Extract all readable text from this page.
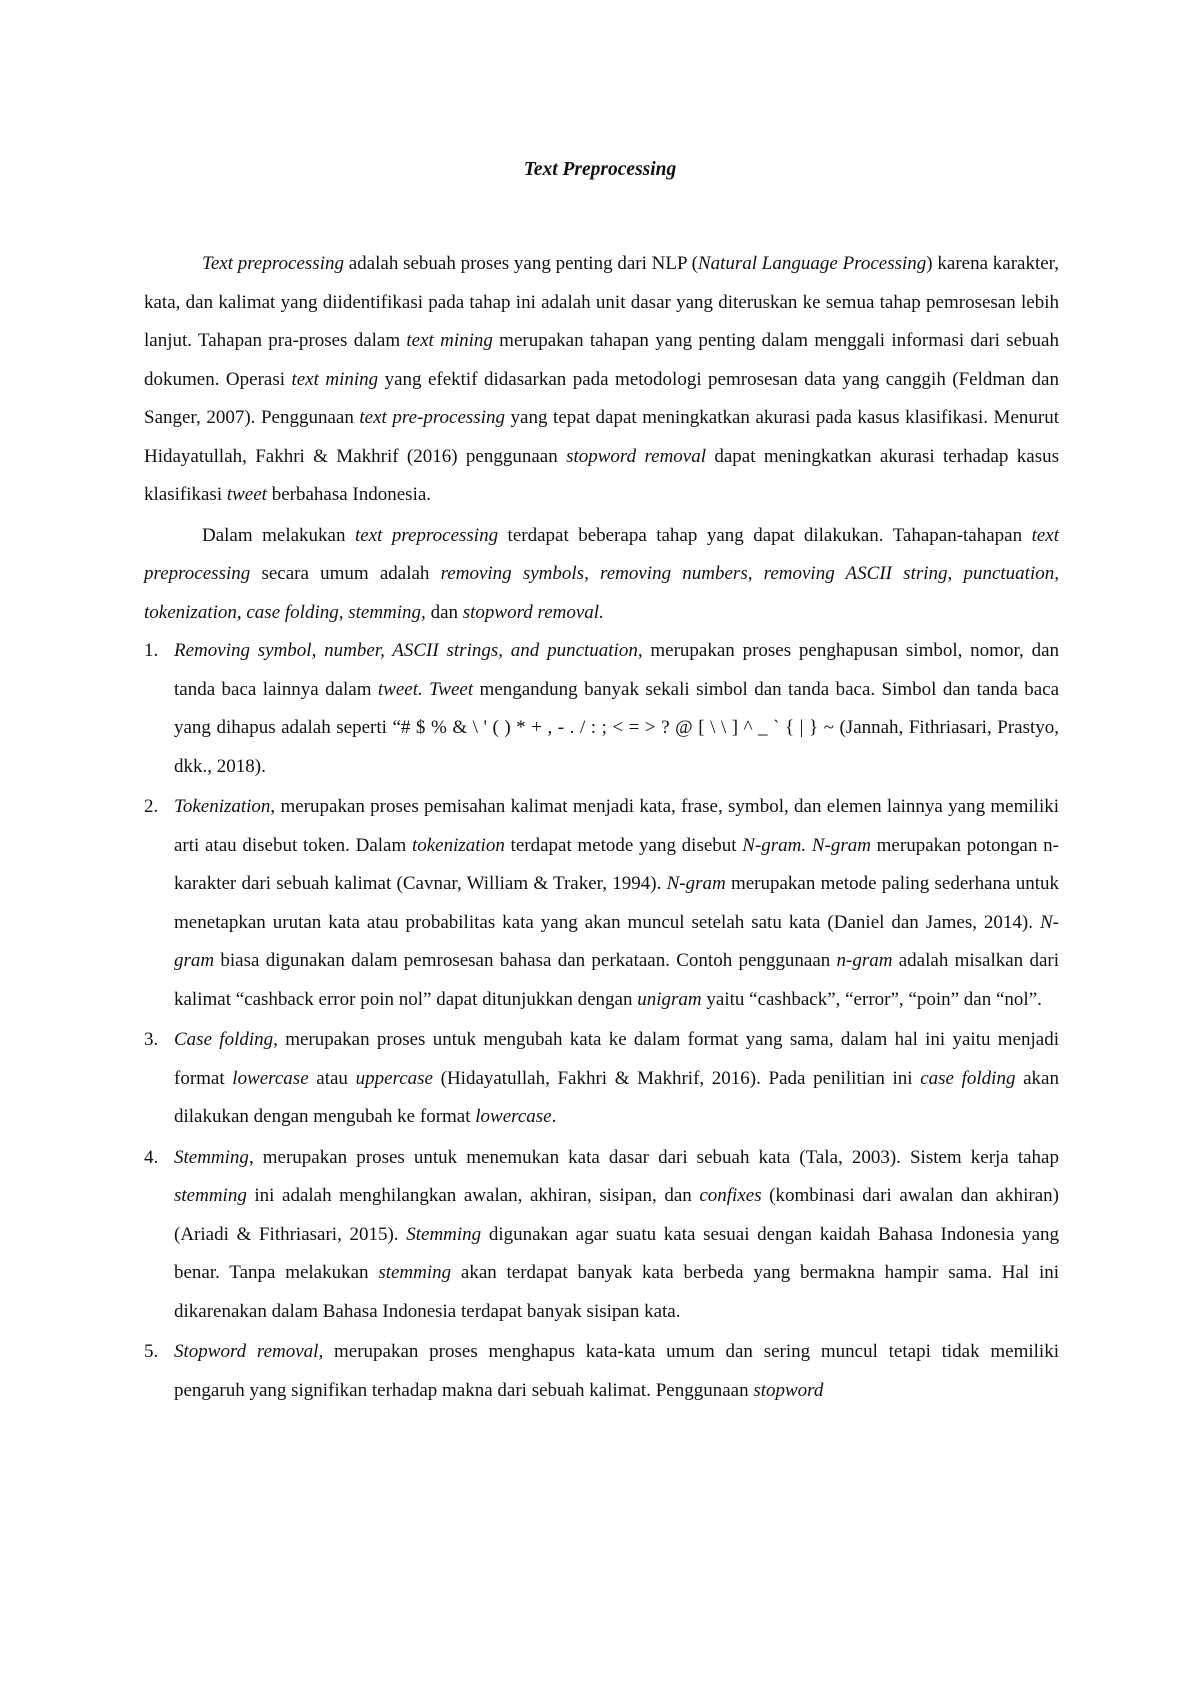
Text Preprocessing

Text preprocessing adalah sebuah proses yang penting dari NLP (Natural Language Processing) karena karakter, kata, dan kalimat yang diidentifikasi pada tahap ini adalah unit dasar yang diteruskan ke semua tahap pemrosesan lebih lanjut. Tahapan pra-proses dalam text mining merupakan tahapan yang penting dalam menggali informasi dari sebuah dokumen. Operasi text mining yang efektif didasarkan pada metodologi pemrosesan data yang canggih (Feldman dan Sanger, 2007). Penggunaan text pre-processing yang tepat dapat meningkatkan akurasi pada kasus klasifikasi. Menurut Hidayatullah, Fakhri & Makhrif (2016) penggunaan stopword removal dapat meningkatkan akurasi terhadap kasus klasifikasi tweet berbahasa Indonesia.

Dalam melakukan text preprocessing terdapat beberapa tahap yang dapat dilakukan. Tahapan-tahapan text preprocessing secara umum adalah removing symbols, removing numbers, removing ASCII string, punctuation, tokenization, case folding, stemming, dan stopword removal.

1. Removing symbol, number, ASCII strings, and punctuation, merupakan proses penghapusan simbol, nomor, dan tanda baca lainnya dalam tweet. Tweet mengandung banyak sekali simbol dan tanda baca. Simbol dan tanda baca yang dihapus adalah seperti “# $ % & \ ' ( ) * + , - . / : ; < = > ? @ [ \ \ ] ^ _ ` { | } ~ (Jannah, Fithriasari, Prastyo, dkk., 2018).
2. Tokenization, merupakan proses pemisahan kalimat menjadi kata, frase, symbol, dan elemen lainnya yang memiliki arti atau disebut token. Dalam tokenization terdapat metode yang disebut N-gram. N-gram merupakan potongan n-karakter dari sebuah kalimat (Cavnar, William & Traker, 1994). N-gram merupakan metode paling sederhana untuk menetapkan urutan kata atau probabilitas kata yang akan muncul setelah satu kata (Daniel dan James, 2014). N-gram biasa digunakan dalam pemrosesan bahasa dan perkataan. Contoh penggunaan n-gram adalah misalkan dari kalimat “cashback error poin nol” dapat ditunjukkan dengan unigram yaitu “cashback”, “error”, “poin” dan “nol”.
3. Case folding, merupakan proses untuk mengubah kata ke dalam format yang sama, dalam hal ini yaitu menjadi format lowercase atau uppercase (Hidayatullah, Fakhri & Makhrif, 2016). Pada penilitian ini case folding akan dilakukan dengan mengubah ke format lowercase.
4. Stemming, merupakan proses untuk menemukan kata dasar dari sebuah kata (Tala, 2003). Sistem kerja tahap stemming ini adalah menghilangkan awalan, akhiran, sisipan, dan confixes (kombinasi dari awalan dan akhiran) (Ariadi & Fithriasari, 2015). Stemming digunakan agar suatu kata sesuai dengan kaidah Bahasa Indonesia yang benar. Tanpa melakukan stemming akan terdapat banyak kata berbeda yang bermakna hampir sama. Hal ini dikarenakan dalam Bahasa Indonesia terdapat banyak sisipan kata.
5. Stopword removal, merupakan proses menghapus kata-kata umum dan sering muncul tetapi tidak memiliki pengaruh yang signifikan terhadap makna dari sebuah kalimat. Penggunaan stopword
